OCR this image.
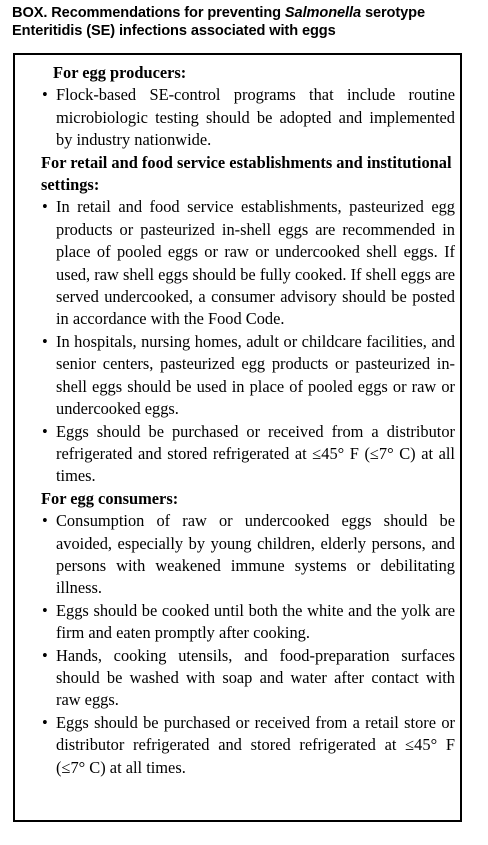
BOX. Recommendations for preventing Salmonella serotype Enteritidis (SE) infections associated with eggs
For egg producers:
• Flock-based SE-control programs that include routine microbiologic testing should be adopted and implemented by industry nationwide.
For retail and food service establishments and institutional settings:
• In retail and food service establishments, pasteurized egg products or pasteurized in-shell eggs are recommended in place of pooled eggs or raw or undercooked shell eggs. If used, raw shell eggs should be fully cooked. If shell eggs are served undercooked, a consumer advisory should be posted in accordance with the Food Code.
• In hospitals, nursing homes, adult or childcare facilities, and senior centers, pasteurized egg products or pasteurized in-shell eggs should be used in place of pooled eggs or raw or undercooked eggs.
• Eggs should be purchased or received from a distributor refrigerated and stored refrigerated at ≤45° F (≤7° C) at all times.
For egg consumers:
• Consumption of raw or undercooked eggs should be avoided, especially by young children, elderly persons, and persons with weakened immune systems or debilitating illness.
• Eggs should be cooked until both the white and the yolk are firm and eaten promptly after cooking.
• Hands, cooking utensils, and food-preparation surfaces should be washed with soap and water after contact with raw eggs.
• Eggs should be purchased or received from a retail store or distributor refrigerated and stored refrigerated at ≤45° F (≤7° C) at all times.
